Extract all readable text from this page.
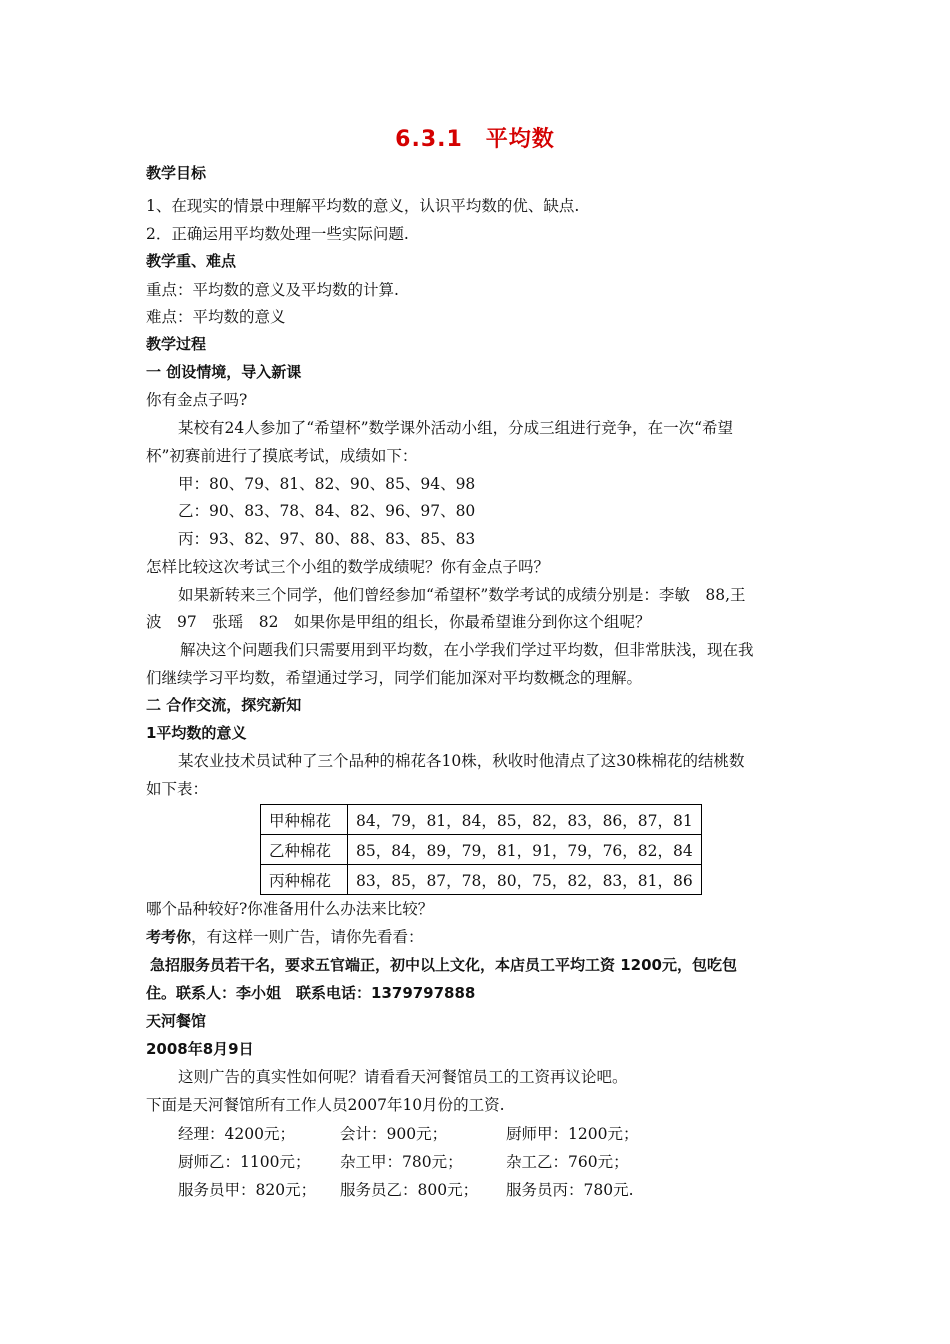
6.3.1　平均数
教学目标
1、在现实的情景中理解平均数的意义，认识平均数的优、缺点.
2．正确运用平均数处理一些实际问题.
教学重、难点
重点：平均数的意义及平均数的计算.
难点：平均数的意义
教学过程
一 创设情境，导入新课
你有金点子吗?
某校有24人参加了“希望杯”数学课外活动小组，分成三组进行竞争，在一次“希望
杯”初赛前进行了摸底考试，成绩如下：
甲：80、79、81、82、90、85、94、98
乙：90、83、78、84、82、96、97、80
丙：93、82、97、80、88、83、85、83
怎样比较这次考试三个小组的数学成绩呢？你有金点子吗？
如果新转来三个同学，他们曾经参加“希望杯”数学考试的成绩分别是：李敏　88,王
波　97　张瑶　82　如果你是甲组的组长，你最希望谁分到你这个组呢？
解决这个问题我们只需要用到平均数，在小学我们学过平均数，但非常肤浅，现在我
们继续学习平均数，希望通过学习，同学们能加深对平均数概念的理解。
二 合作交流，探究新知
1平均数的意义
某农业技术员试种了三个品种的棉花各10株，秋收时他清点了这30株棉花的结桃数
如下表：
甲种棉花	84，79，81，84，85，82，83，86，87，81
乙种棉花	85，84，89，79，81，91，79，76，82，84
丙种棉花	83，85，87，78，80，75，82，83，81，86
哪个品种较好?你准备用什么办法来比较？
考考你，有这样一则广告，请你先看看：
急招服务员若干名，要求五官端正，初中以上文化，本店员工平均工资 1200元，包吃包
住。联系人：李小姐　联系电话：1379797888
天河餐馆
2008年8月9日
这则广告的真实性如何呢？请看看天河餐馆员工的工资再议论吧。
下面是天河餐馆所有工作人员2007年10月份的工资.
经理：4200元；	会计：900元；	厨师甲：1200元；
厨师乙：1100元； 杂工甲：780元；	杂工乙：760元；
服务员甲：820元； 服务员乙：800元； 服务员丙：780元.
